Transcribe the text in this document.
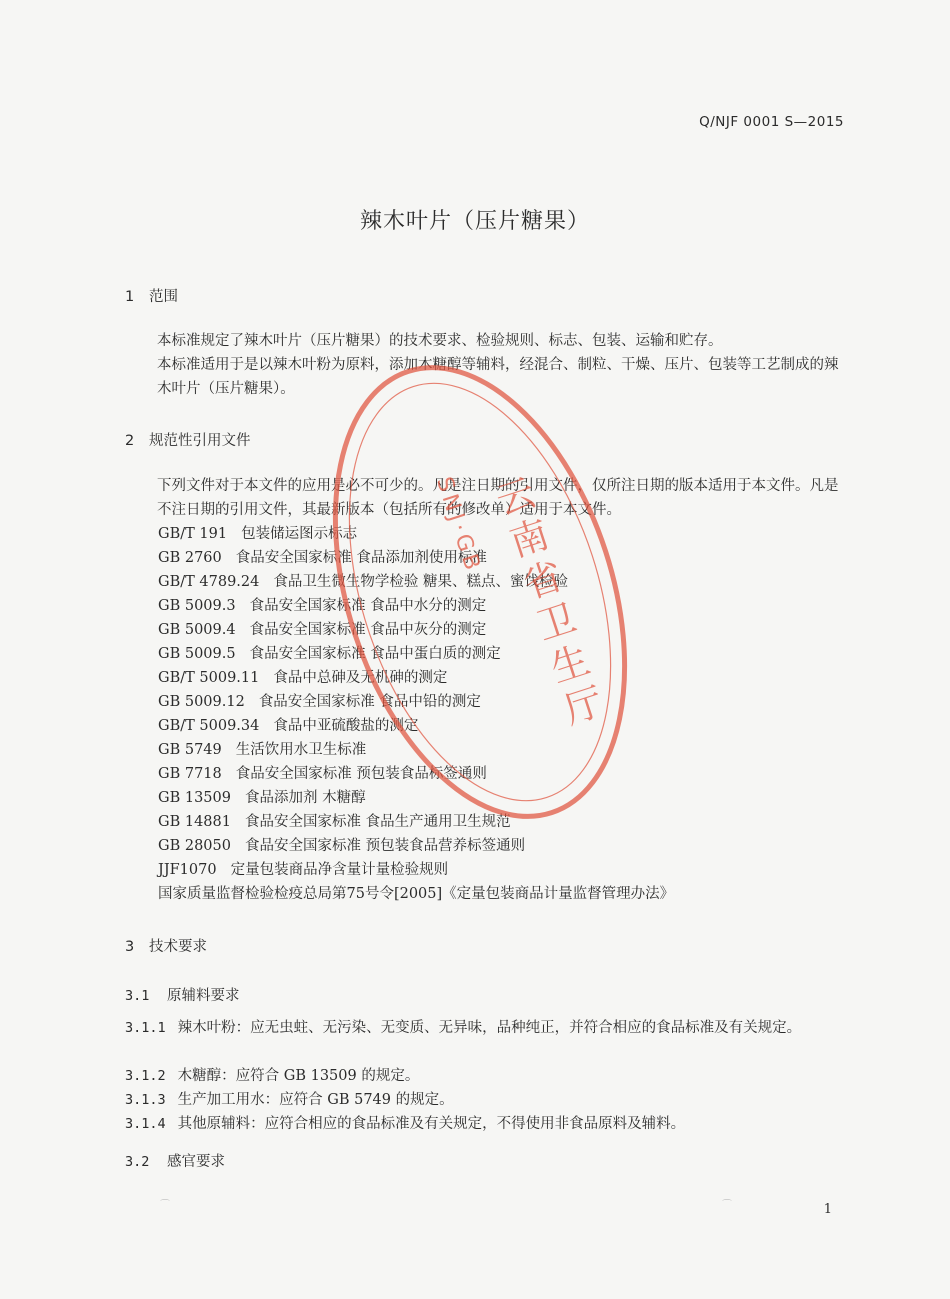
Q/NJF 0001 S—2015
辣木叶片（压片糖果）
1 范围
本标准规定了辣木叶片（压片糖果）的技术要求、检验规则、标志、包装、运输和贮存。
本标准适用于是以辣木叶粉为原料，添加木糖醇等辅料，经混合、制粒、干燥、压片、包装等工艺制成的辣木叶片（压片糖果）。
2 规范性引用文件
下列文件对于本文件的应用是必不可少的。凡是注日期的引用文件，仅所注日期的版本适用于本文件。凡是不注日期的引用文件，其最新版本（包括所有的修改单）适用于本文件。
GB/T 191 包装储运图示标志
GB 2760 食品安全国家标准 食品添加剂使用标准
GB/T 4789.24 食品卫生微生物学检验 糖果、糕点、蜜饯检验
GB 5009.3 食品安全国家标准 食品中水分的测定
GB 5009.4 食品安全国家标准 食品中灰分的测定
GB 5009.5 食品安全国家标准 食品中蛋白质的测定
GB/T 5009.11 食品中总砷及无机砷的测定
GB 5009.12 食品安全国家标准 食品中铅的测定
GB/T 5009.34 食品中亚硫酸盐的测定
GB 5749 生活饮用水卫生标准
GB 7718 食品安全国家标准 预包装食品标签通则
GB 13509 食品添加剂 木糖醇
GB 14881 食品安全国家标准 食品生产通用卫生规范
GB 28050 食品安全国家标准 预包装食品营养标签通则
JJF1070 定量包装商品净含量计量检验规则
国家质量监督检验检疫总局第75号令[2005]《定量包装商品计量监督管理办法》
3 技术要求
3.1 原辅料要求
3.1.1 辣木叶粉：应无虫蛀、无污染、无变质、无异味，品种纯正，并符合相应的食品标准及有关规定。
3.1.2 木糖醇：应符合 GB 13509 的规定。
3.1.3 生产加工用水：应符合 GB 5749 的规定。
3.1.4 其他原辅料：应符合相应的食品标准及有关规定，不得使用非食品原料及辅料。
3.2 感官要求
⌒	⌒	1
云南省卫生厅
SNJ·GB
